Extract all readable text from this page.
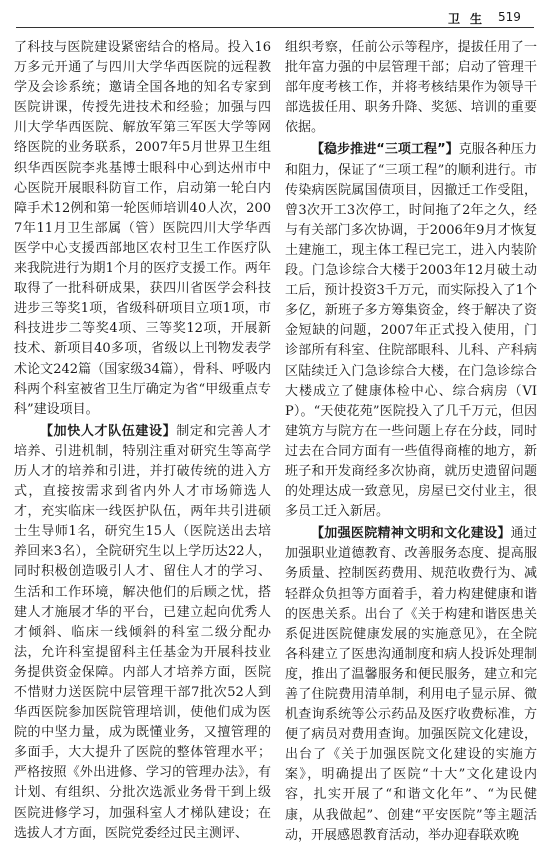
卫生 519

了科技与医院建设紧密结合的格局。投入16万多元开通了与四川大学华西医院的远程教学及会诊系统；邀请全国各地的知名专家到医院讲课，传授先进技术和经验；加强与四川大学华西医院、解放军第三军医大学等网络医院的业务联系，2007年5月世界卫生组织华西医院李兆基博士眼科中心到达州市中心医院开展眼科防盲工作，启动第一轮白内障手术12例和第一轮医师培训40人次，2007年11月卫生部属（管）医院四川大学华西医学中心支援西部地区农村卫生工作医疗队来我院进行为期1个月的医疗支援工作。两年取得了一批科研成果，获四川省医学会科技进步三等奖1项，省级科研项目立项1项，市科技进步二等奖4项、三等奖12项，开展新技术、新项目40多项，省级以上刊物发表学术论文242篇（国家级34篇），骨科、呼吸内科两个科室被省卫生厅确定为省“甲级重点专科”建设项目。

【加快人才队伍建设】制定和完善人才培养、引进机制，特别注重对研究生等高学历人才的培养和引进，并打破传统的进入方式，直接按需求到省内外人才市场筛选人才，充实临床一线医护队伍，两年共引进硕士生导师1名，研究生15人（医院送出去培养回来3名），全院研究生以上学历达22人，同时积极创造吸引人才、留住人才的学习、生活和工作环境，解决他们的后顾之忧，搭建人才施展才华的平台，已建立起向优秀人才倾斜、临床一线倾斜的科室二级分配办法，允许科室提留科主任基金为开展科技业务提供资金保障。内部人才培养方面，医院不惜财力送医院中层管理干部7批次52人到华西医院参加医院管理培训，使他们成为医院的中坚力量，成为既懂业务，又擅管理的多面手，大大提升了医院的整体管理水平；严格按照《外出进修、学习的管理办法》，有计划、有组织、分批次选派业务骨干到上级医院进修学习，加强科室人才梯队建设；在选拔人才方面，医院党委经过民主测评、

组织考察，任前公示等程序，提拔任用了一批年富力强的中层管理干部；启动了管理干部年度考核工作，并将考核结果作为领导干部选拔任用、职务升降、奖惩、培训的重要依据。

【稳步推进“三项工程”】克服各种压力和阻力，保证了“三项工程”的顺利进行。市传染病医院属国债项目，因撤迁工作受阻，曾3次开工3次停工，时间拖了2年之久，经与有关部门多次协调，于2006年9月才恢复土建施工，现主体工程已完工，进入内装阶段。门急诊综合大楼于2003年12月破土动工后，预计投资3千万元，而实际投入了1个多亿，新班子多方筹集资金，终于解决了资金短缺的问题，2007年正式投入使用，门诊部所有科室、住院部眼科、儿科、产科病区陆续迁入门急诊综合大楼，在门急诊综合大楼成立了健康体检中心、综合病房（VIP）。“天使花苑”医院投入了几千万元，但因建筑方与院方在一些问题上存在分歧，同时过去在合同方面有一些值得商榷的地方，新班子和开发商经多次协商，就历史遗留问题的处理达成一致意见，房屋已交付业主，很多员工迁入新居。

【加强医院精神文明和文化建设】通过加强职业道德教育、改善服务态度、提高服务质量、控制医药费用、规范收费行为、减轻群众负担等方面着手，着力构建健康和谐的医患关系。出台了《关于构建和谐医患关系促进医院健康发展的实施意见》，在全院各科建立了医患沟通制度和病人投诉处理制度，推出了温馨服务和便民服务，建立和完善了住院费用清单制，利用电子显示屏、微机查询系统等公示药品及医疗收费标准，方便了病员对费用查询。加强医院文化建设，出台了《关于加强医院文化建设的实施方案》，明确提出了医院“十大”文化建设内容，扎实开展了“和谐文化年”、“为民健康，从我做起”、创建“平安医院”等主题活动，开展感恩教育活动，举办迎春联欢晚
